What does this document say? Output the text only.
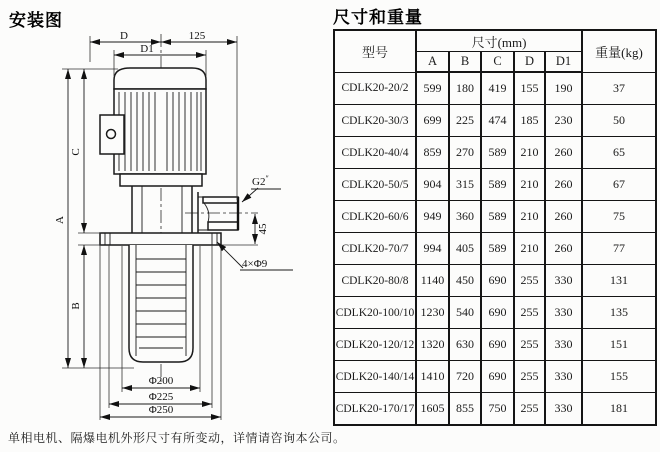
安装图
D	125
D1
A
C
B
45
G2″
4×Φ9
Φ200
Φ225
Φ250
单相电机、隔爆电机外形尺寸有所变动，详情请咨询本公司。
尺寸和重量
型号	尺寸(mm)					重量(kg)
	A	B	C	D	D1	
CDLK20-20/2	599	180	419	155	190	37
CDLK20-30/3	699	225	474	185	230	50
CDLK20-40/4	859	270	589	210	260	65
CDLK20-50/5	904	315	589	210	260	67
CDLK20-60/6	949	360	589	210	260	75
CDLK20-70/7	994	405	589	210	260	77
CDLK20-80/8	1140	450	690	255	330	131
CDLK20-100/10	1230	540	690	255	330	135
CDLK20-120/12	1320	630	690	255	330	151
CDLK20-140/14	1410	720	690	255	330	155
CDLK20-170/17	1605	855	750	255	330	181
